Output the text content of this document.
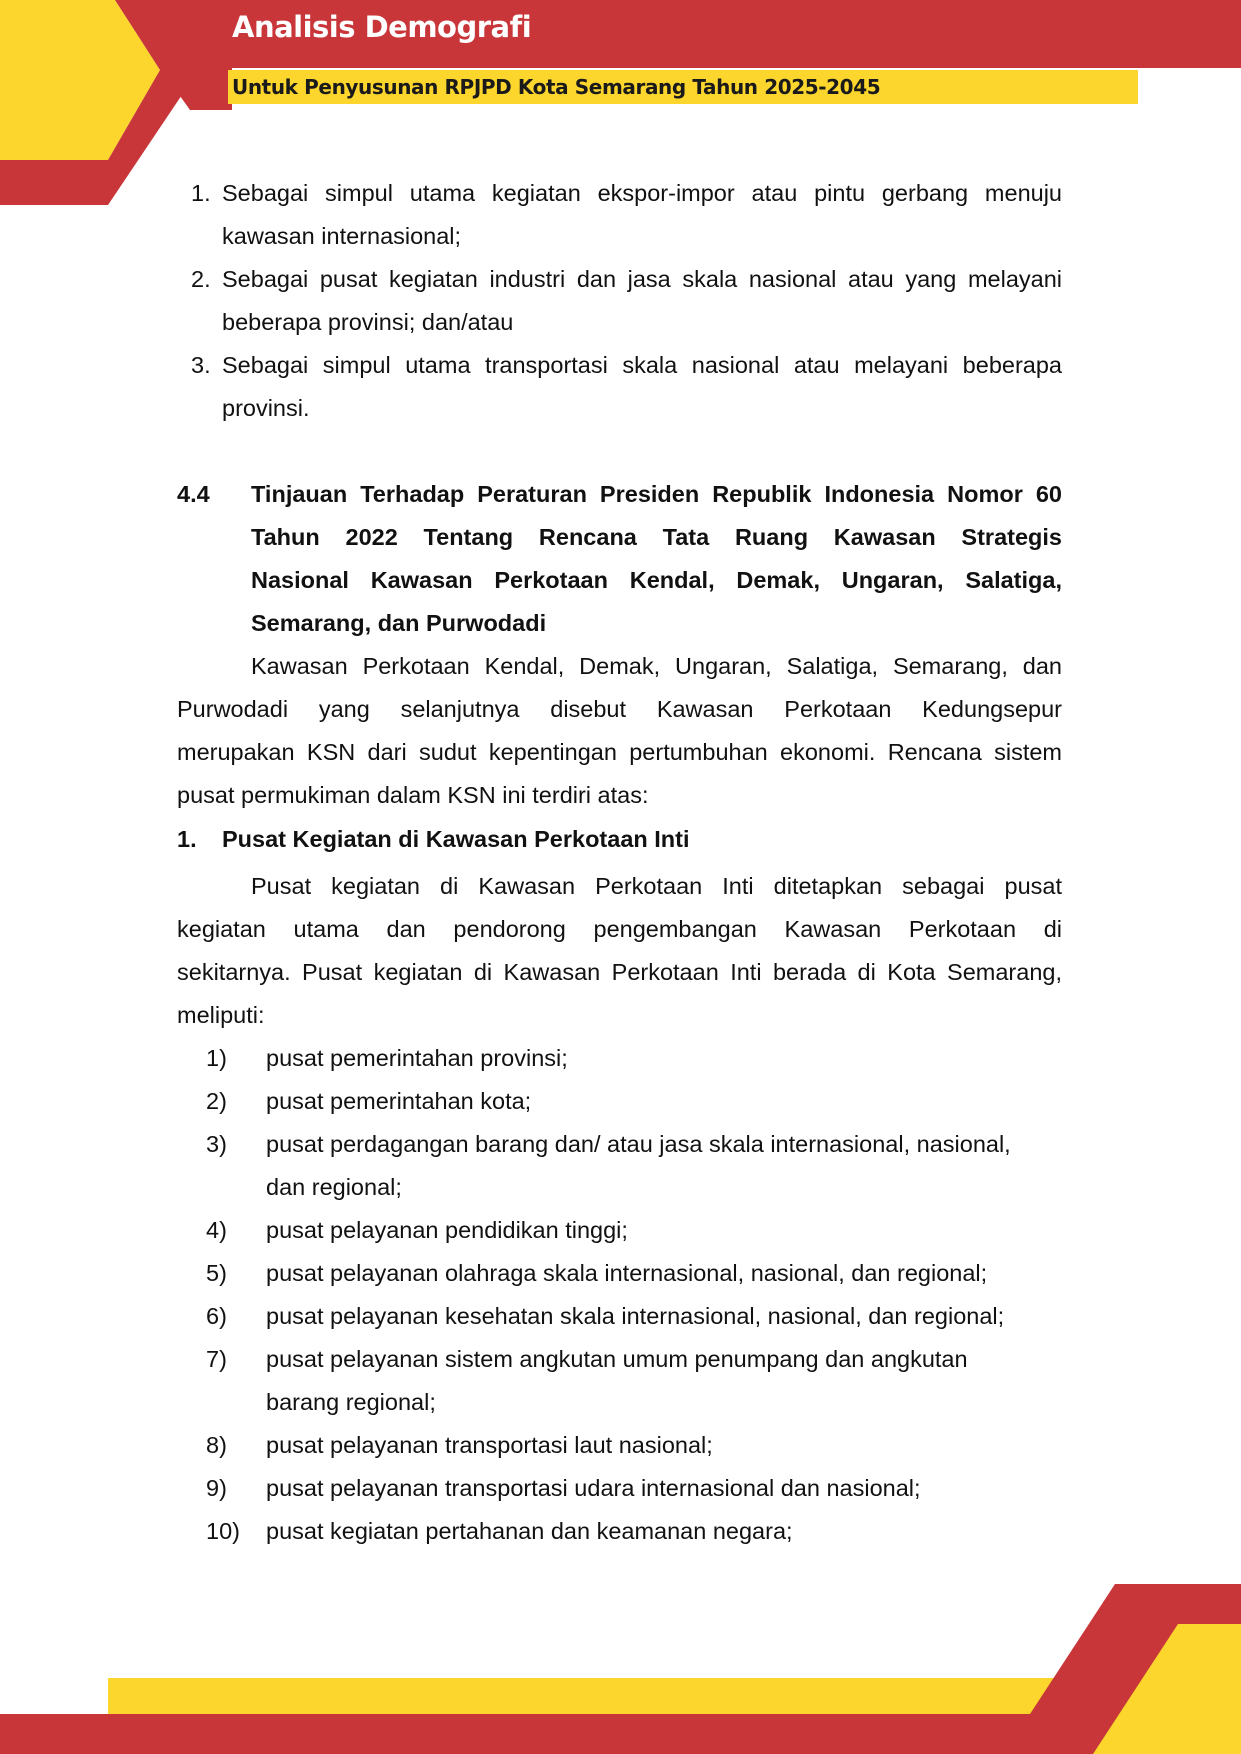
Analisis Demografi
Untuk Penyusunan RPJPD Kota Semarang Tahun 2025-2045
1. Sebagai simpul utama kegiatan ekspor-impor atau pintu gerbang menuju
kawasan internasional;
2. Sebagai pusat kegiatan industri dan jasa skala nasional atau yang melayani
beberapa provinsi; dan/atau
3. Sebagai simpul utama transportasi skala nasional atau melayani beberapa
provinsi.
4.4 Tinjauan Terhadap Peraturan Presiden Republik Indonesia Nomor 60
Tahun 2022 Tentang Rencana Tata Ruang Kawasan Strategis
Nasional Kawasan Perkotaan Kendal, Demak, Ungaran, Salatiga,
Semarang, dan Purwodadi
Kawasan Perkotaan Kendal, Demak, Ungaran, Salatiga, Semarang, dan
Purwodadi yang selanjutnya disebut Kawasan Perkotaan Kedungsepur
merupakan KSN dari sudut kepentingan pertumbuhan ekonomi. Rencana sistem
pusat permukiman dalam KSN ini terdiri atas:
1. Pusat Kegiatan di Kawasan Perkotaan Inti
Pusat kegiatan di Kawasan Perkotaan Inti ditetapkan sebagai pusat
kegiatan utama dan pendorong pengembangan Kawasan Perkotaan di
sekitarnya. Pusat kegiatan di Kawasan Perkotaan Inti berada di Kota Semarang,
meliputi:
1) pusat pemerintahan provinsi;
2) pusat pemerintahan kota;
3) pusat perdagangan barang dan/ atau jasa skala internasional, nasional,
dan regional;
4) pusat pelayanan pendidikan tinggi;
5) pusat pelayanan olahraga skala internasional, nasional, dan regional;
6) pusat pelayanan kesehatan skala internasional, nasional, dan regional;
7) pusat pelayanan sistem angkutan umum penumpang dan angkutan
barang regional;
8) pusat pelayanan transportasi laut nasional;
9) pusat pelayanan transportasi udara internasional dan nasional;
10) pusat kegiatan pertahanan dan keamanan negara;
